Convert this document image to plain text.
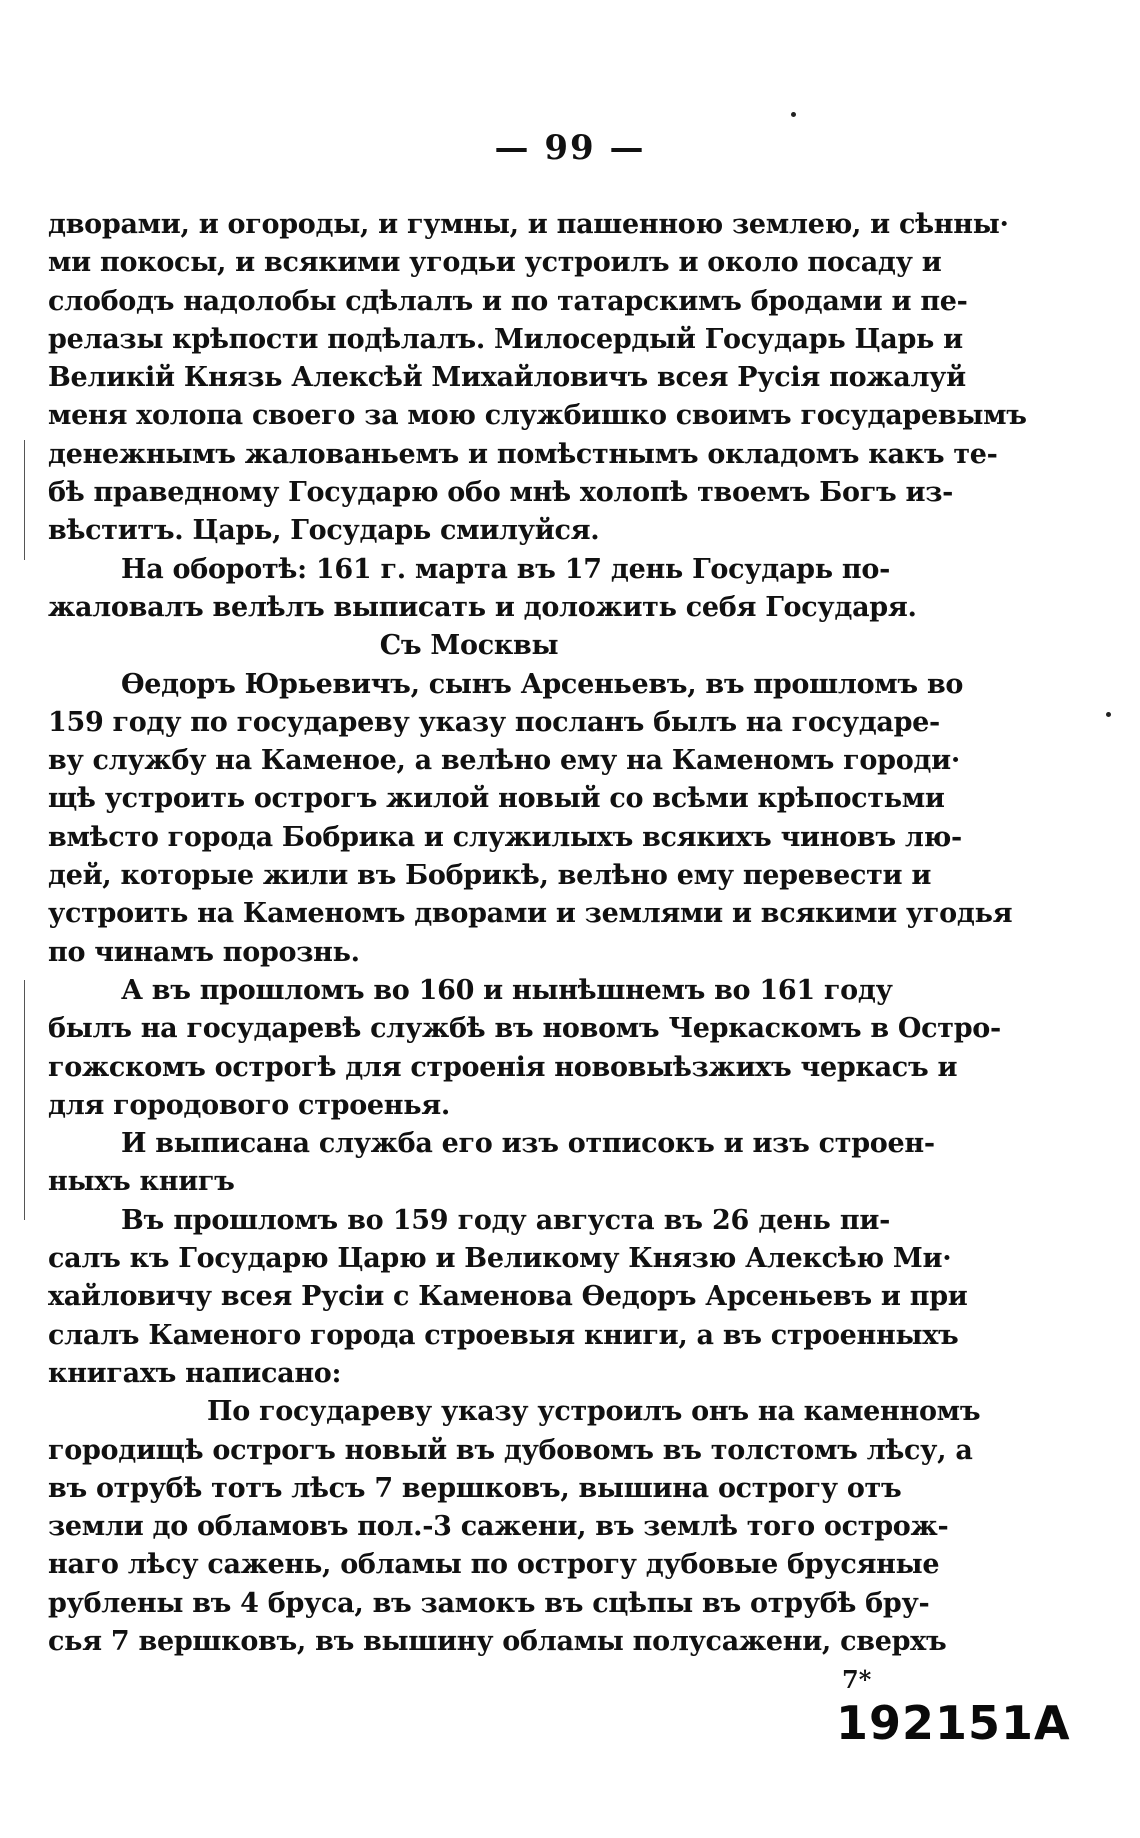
— 99 —
дворами, и огороды, и гумны, и пашенною землею, и сѣнны·
ми покосы, и всякими угодьи устроилъ и около посаду и
слободъ надолобы сдѣлалъ и по татарскимъ бродами и пе-
релазы крѣпости подѣлалъ. Милосердый Государь Царь и
Великій Князь Алексѣй Михайловичъ всея Русія пожалуй
меня холопа своего за мою службишко своимъ государевымъ
денежнымъ жалованьемъ и помѣстнымъ окладомъ какъ те-
бѣ праведному Государю обо мнѣ холопѣ твоемъ Богъ из-
вѣститъ. Царь, Государь смилуйся.
На оборотѣ: 161 г. марта въ 17 день Государь по-
жаловалъ велѣлъ выписать и доложить себя Государя.
Съ Москвы
Ѳедоръ Юрьевичъ, сынъ Арсеньевъ, въ прошломъ во
159 году по государеву указу посланъ былъ на государе-
ву службу на Каменое, а велѣно ему на Каменомъ городи·
щѣ устроить острогъ жилой новый со всѣми крѣпостьми
вмѣсто города Бобрика и служилыхъ всякихъ чиновъ лю-
дей, которые жили въ Бобрикѣ, велѣно ему перевести и
устроить на Каменомъ дворами и землями и всякими угодья
по чинамъ порознь.
А въ прошломъ во 160 и нынѣшнемъ во 161 году
былъ на государевѣ службѣ въ новомъ Черкаскомъ в Остро-
гожскомъ острогѣ для строенія нововыѣзжихъ черкасъ и
для городового строенья.
И выписана служба его изъ отписокъ и изъ строен-
ныхъ книгъ
Въ прошломъ во 159 году августа въ 26 день пи-
салъ къ Государю Царю и Великому Князю Алексѣю Ми·
хайловичу всея Русіи с Каменова Ѳедоръ Арсеньевъ и при
слалъ Каменого города строевыя книги, а въ строенныхъ
книгахъ написано:
По государеву указу устроилъ онъ на каменномъ
городищѣ острогъ новый въ дубовомъ въ толстомъ лѣсу, а
въ отрубѣ тотъ лѣсъ 7 вершковъ, вышина острогу отъ
земли до обламовъ пол.-3 сажени, въ землѣ того острож-
наго лѣсу сажень, обламы по острогу дубовые брусяные
рублены въ 4 бруса, въ замокъ въ сцѣпы въ отрубѣ бру-
сья 7 вершковъ, въ вышину обламы полусажени, сверхъ
7*
192151A
